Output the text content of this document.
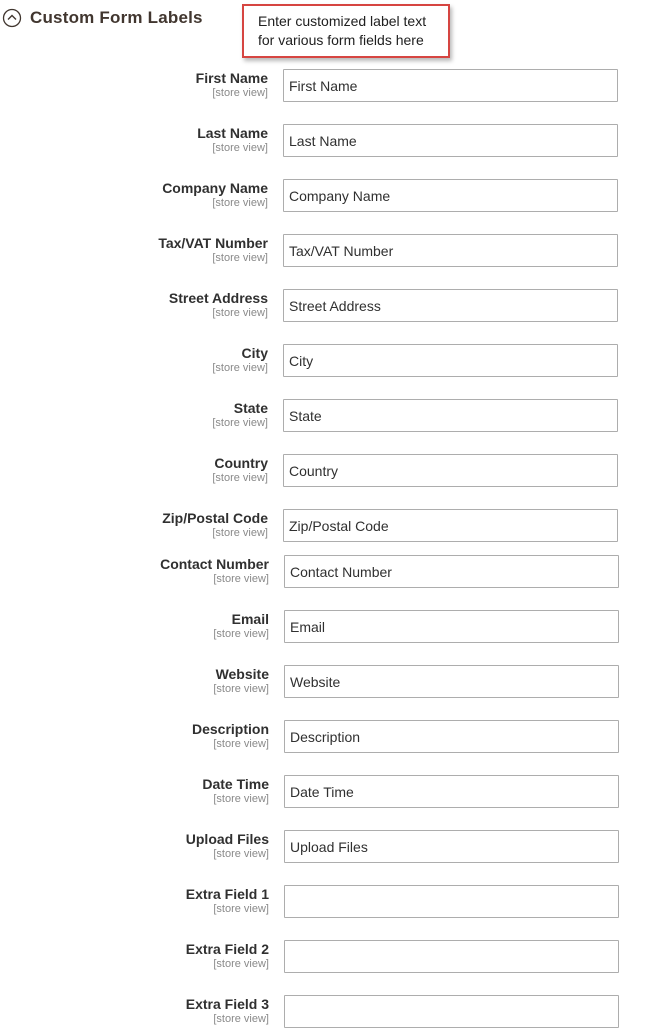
Custom Form Labels	Enter customized label text
for various form fields here
First Name
[store view]
First Name
Last Name
[store view]
Last Name
Company Name
[store view]
Company Name
Tax/VAT Number
[store view]
Tax/VAT Number
Street Address
[store view]
Street Address
City
[store view]
City
State
[store view]
State
Country
[store view]
Country
Zip/Postal Code
[store view]
Zip/Postal Code
Contact Number
[store view]
Contact Number
Email
[store view]
Email
Website
[store view]
Website
Description
[store view]
Description
Date Time
[store view]
Date Time
Upload Files
[store view]
Upload Files
Extra Field 1
[store view]
Extra Field 2
[store view]
Extra Field 3
[store view]
